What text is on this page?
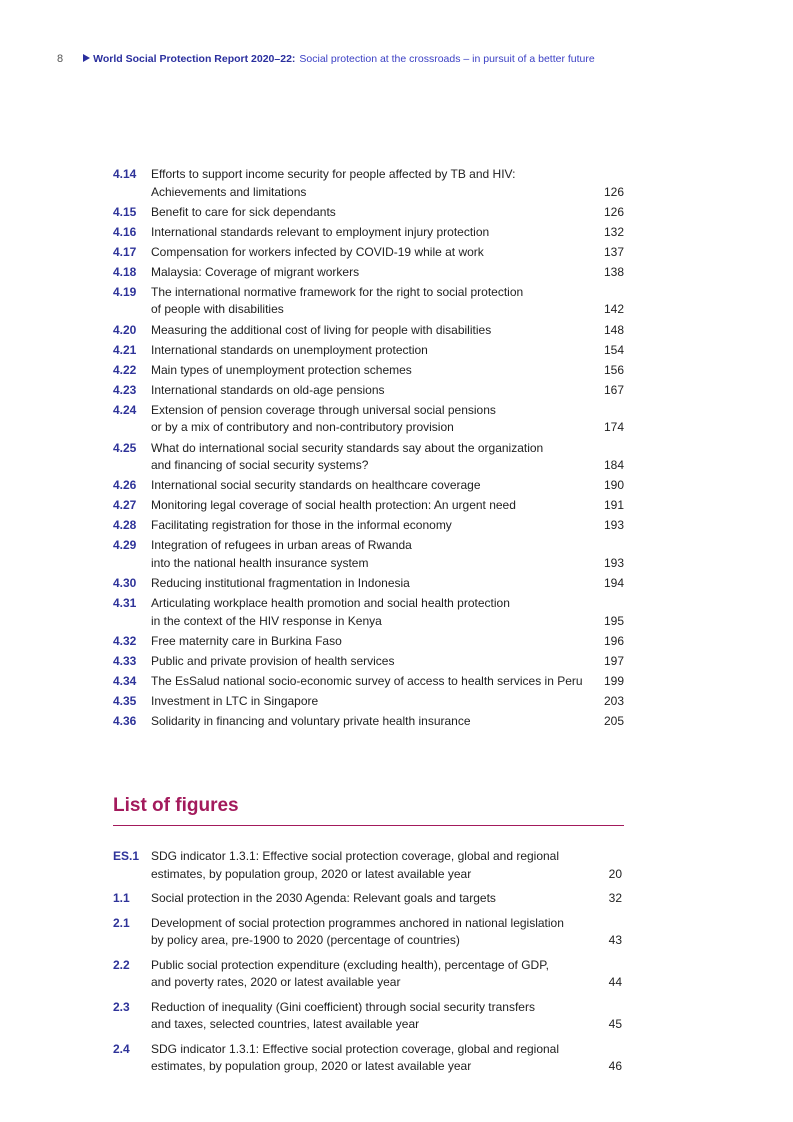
8	World Social Protection Report 2020–22: Social protection at the crossroads – in pursuit of a better future
4.14	Efforts to support income security for people affected by TB and HIV:
Achievements and limitations	126
4.15	Benefit to care for sick dependants	126
4.16	International standards relevant to employment injury protection	132
4.17	Compensation for workers infected by COVID-19 while at work	137
4.18	Malaysia: Coverage of migrant workers	138
4.19	The international normative framework for the right to social protection
of people with disabilities	142
4.20	Measuring the additional cost of living for people with disabilities	148
4.21	International standards on unemployment protection	154
4.22	Main types of unemployment protection schemes	156
4.23	International standards on old-age pensions	167
4.24	Extension of pension coverage through universal social pensions
or by a mix of contributory and non-contributory provision	174
4.25	What do international social security standards say about the organization
and financing of social security systems?	184
4.26	International social security standards on healthcare coverage	190
4.27	Monitoring legal coverage of social health protection: An urgent need	191
4.28	Facilitating registration for those in the informal economy	193
4.29	Integration of refugees in urban areas of Rwanda
into the national health insurance system	193
4.30	Reducing institutional fragmentation in Indonesia	194
4.31	Articulating workplace health promotion and social health protection
in the context of the HIV response in Kenya	195
4.32	Free maternity care in Burkina Faso	196
4.33	Public and private provision of health services	197
4.34	The EsSalud national socio-economic survey of access to health services in Peru	199
4.35	Investment in LTC in Singapore	203
4.36	Solidarity in financing and voluntary private health insurance	205
List of figures
ES.1 SDG indicator 1.3.1: Effective social protection coverage, global and regional
estimates, by population group, 2020 or latest available year	20
1.1	Social protection in the 2030 Agenda: Relevant goals and targets	32
2.1	Development of social protection programmes anchored in national legislation
by policy area, pre-1900 to 2020 (percentage of countries)	43
2.2	Public social protection expenditure (excluding health), percentage of GDP,
and poverty rates, 2020 or latest available year	44
2.3	Reduction of inequality (Gini coefficient) through social security transfers
and taxes, selected countries, latest available year	45
2.4	SDG indicator 1.3.1: Effective social protection coverage, global and regional
estimates, by population group, 2020 or latest available year	46
